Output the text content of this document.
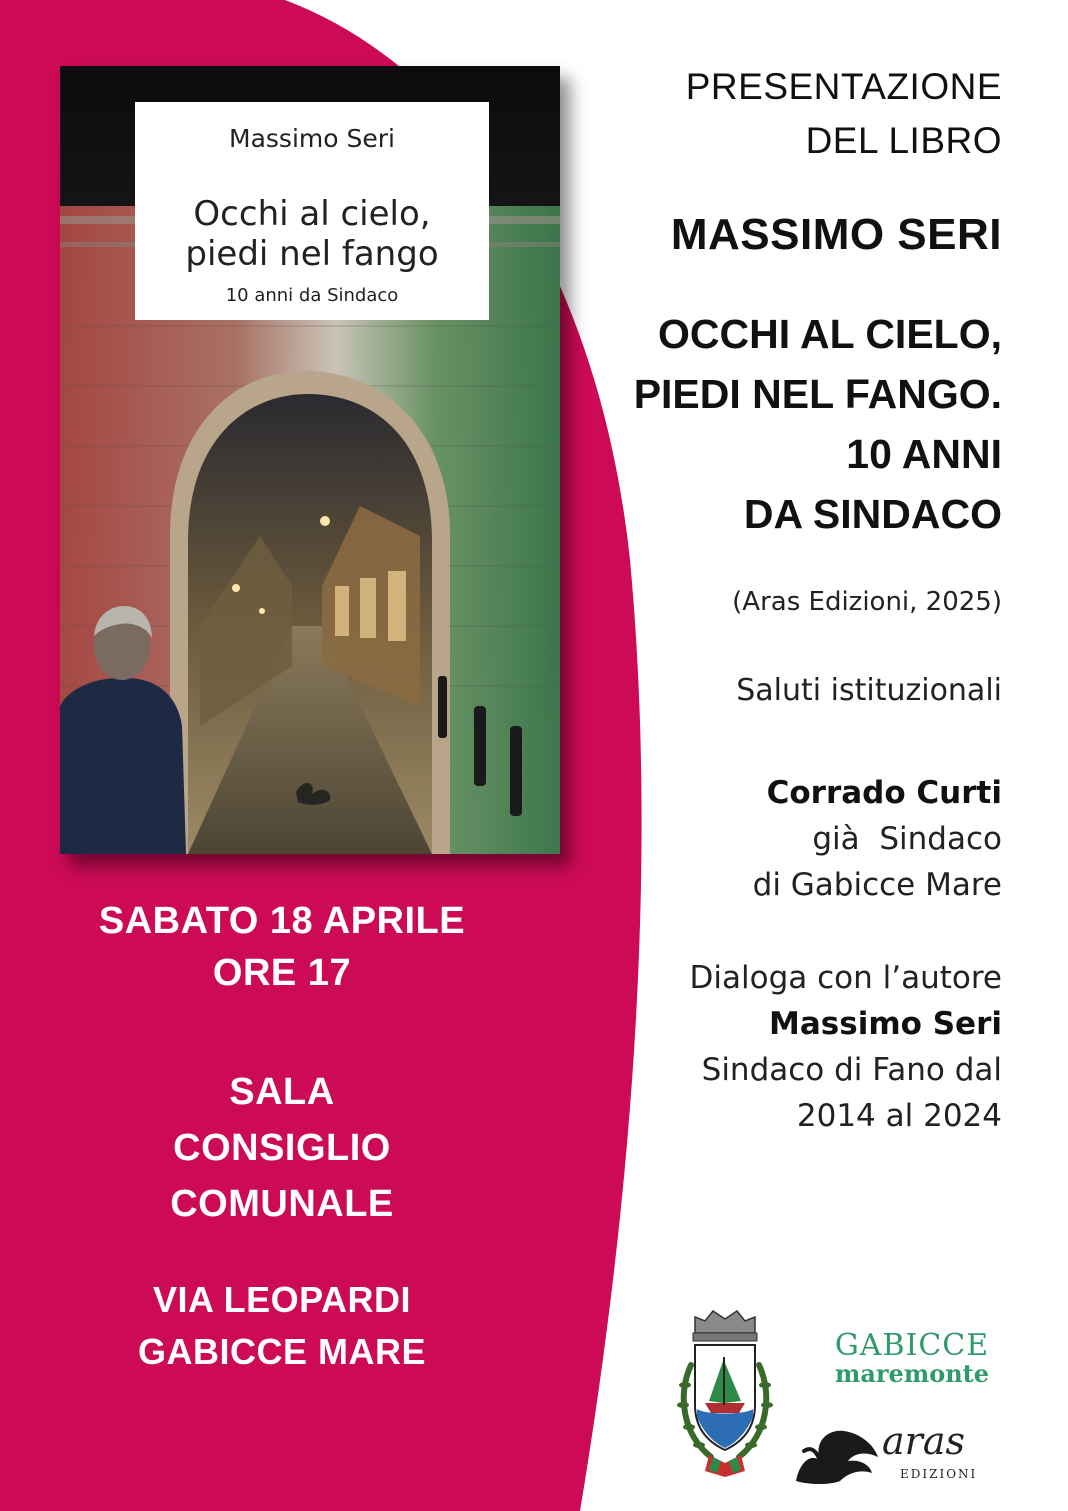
Massimo Seri
Occhi al cielo,
piedi nel fango
10 anni da Sindaco
PRESENTAZIONE
DEL LIBRO
MASSIMO SERI
OCCHI AL CIELO,
PIEDI NEL FANGO.
10 ANNI
DA SINDACO
(Aras Edizioni, 2025)
Saluti istituzionali
Corrado Curti
già  Sindaco
di Gabicce Mare
Dialoga con l’autore
Massimo Seri
Sindaco di Fano dal
2014 al 2024
SABATO 18 APRILE
ORE 17
SALA
CONSIGLIO
COMUNALE
VIA LEOPARDI
GABICCE MARE	GABICCE
maremonte
aras
EDIZIONI
